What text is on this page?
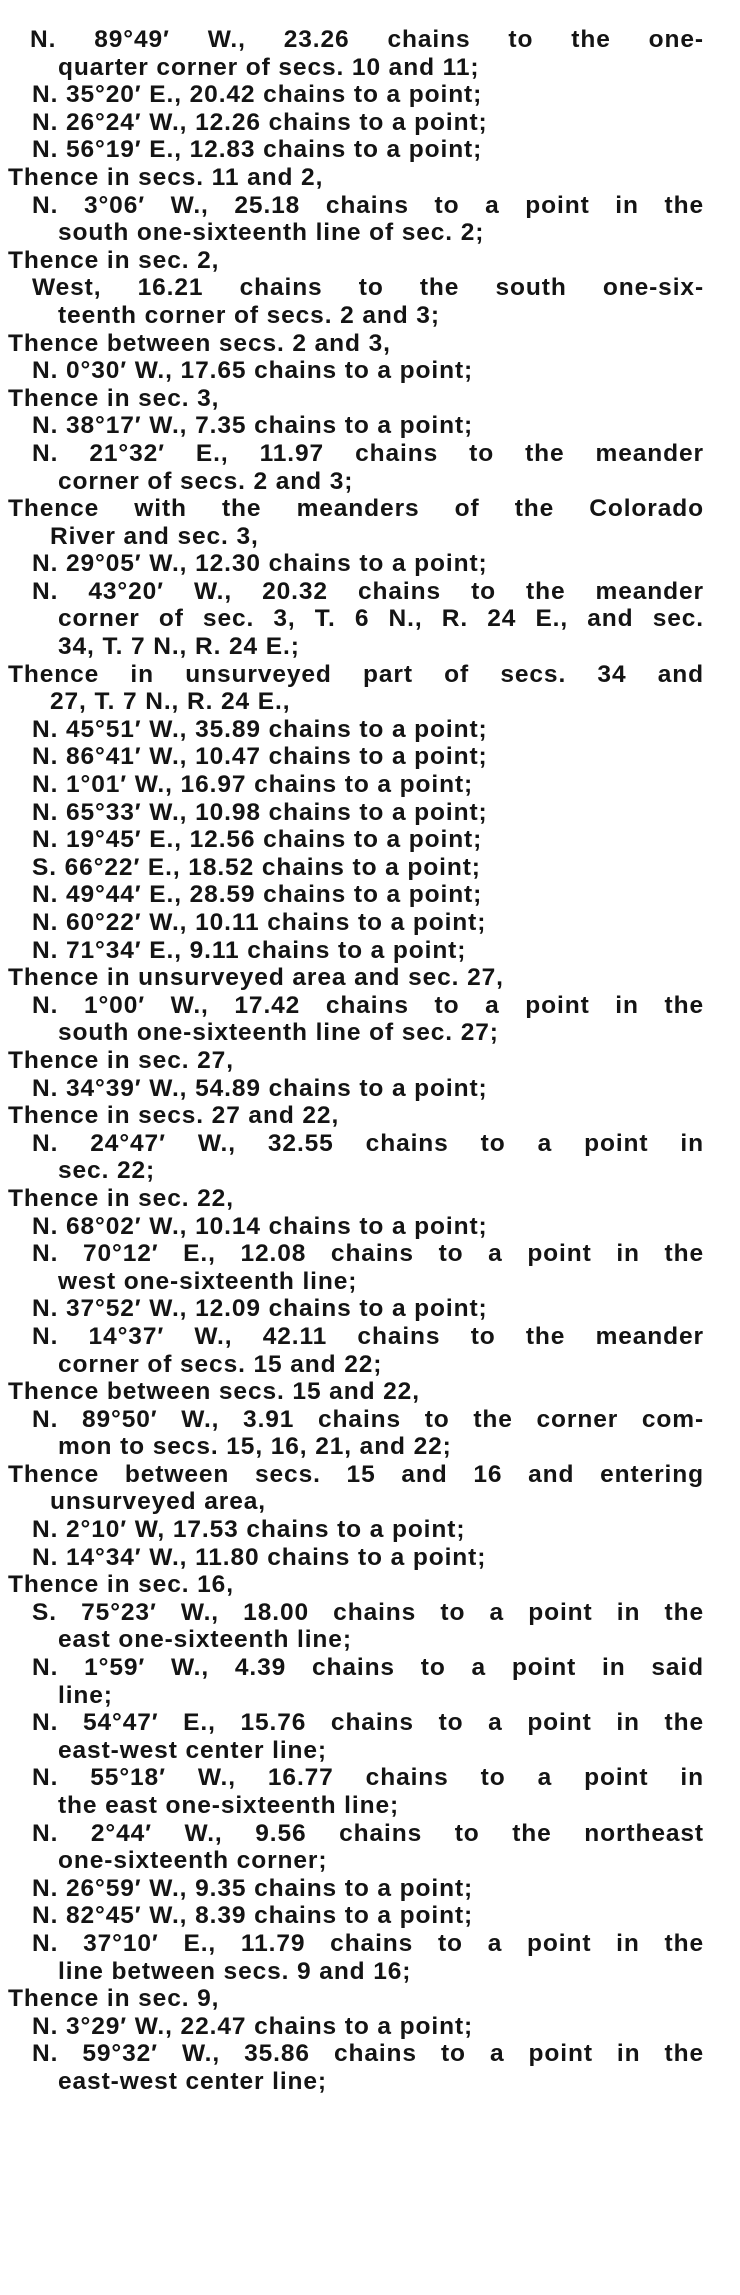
N. 89°49′ W., 23.26 chains to the one-
quarter corner of secs. 10 and 11;
N. 35°20′ E., 20.42 chains to a point;
N. 26°24′ W., 12.26 chains to a point;
N. 56°19′ E., 12.83 chains to a point;
Thence in secs. 11 and 2,
N. 3°06′ W., 25.18 chains to a point in the
south one-sixteenth line of sec. 2;
Thence in sec. 2,
West, 16.21 chains to the south one-six-
teenth corner of secs. 2 and 3;
Thence between secs. 2 and 3,
N. 0°30′ W., 17.65 chains to a point;
Thence in sec. 3,
N. 38°17′ W., 7.35 chains to a point;
N. 21°32′ E., 11.97 chains to the meander
corner of secs. 2 and 3;
Thence with the meanders of the Colorado
River and sec. 3,
N. 29°05′ W., 12.30 chains to a point;
N. 43°20′ W., 20.32 chains to the meander
corner of sec. 3, T. 6 N., R. 24 E., and sec.
34, T. 7 N., R. 24 E.;
Thence in unsurveyed part of secs. 34 and
27, T. 7 N., R. 24 E.,
N. 45°51′ W., 35.89 chains to a point;
N. 86°41′ W., 10.47 chains to a point;
N. 1°01′ W., 16.97 chains to a point;
N. 65°33′ W., 10.98 chains to a point;
N. 19°45′ E., 12.56 chains to a point;
S. 66°22′ E., 18.52 chains to a point;
N. 49°44′ E., 28.59 chains to a point;
N. 60°22′ W., 10.11 chains to a point;
N. 71°34′ E., 9.11 chains to a point;
Thence in unsurveyed area and sec. 27,
N. 1°00′ W., 17.42 chains to a point in the
south one-sixteenth line of sec. 27;
Thence in sec. 27,
N. 34°39′ W., 54.89 chains to a point;
Thence in secs. 27 and 22,
N. 24°47′ W., 32.55 chains to a point in
sec. 22;
Thence in sec. 22,
N. 68°02′ W., 10.14 chains to a point;
N. 70°12′ E., 12.08 chains to a point in the
west one-sixteenth line;
N. 37°52′ W., 12.09 chains to a point;
N. 14°37′ W., 42.11 chains to the meander
corner of secs. 15 and 22;
Thence between secs. 15 and 22,
N. 89°50′ W., 3.91 chains to the corner com-
mon to secs. 15, 16, 21, and 22;
Thence between secs. 15 and 16 and entering
unsurveyed area,
N. 2°10′ W, 17.53 chains to a point;
N. 14°34′ W., 11.80 chains to a point;
Thence in sec. 16,
S. 75°23′ W., 18.00 chains to a point in the
east one-sixteenth line;
N. 1°59′ W., 4.39 chains to a point in said
line;
N. 54°47′ E., 15.76 chains to a point in the
east-west center line;
N. 55°18′ W., 16.77 chains to a point in
the east one-sixteenth line;
N. 2°44′ W., 9.56 chains to the northeast
one-sixteenth corner;
N. 26°59′ W., 9.35 chains to a point;
N. 82°45′ W., 8.39 chains to a point;
N. 37°10′ E., 11.79 chains to a point in the
line between secs. 9 and 16;
Thence in sec. 9,
N. 3°29′ W., 22.47 chains to a point;
N. 59°32′ W., 35.86 chains to a point in the
east-west center line;
